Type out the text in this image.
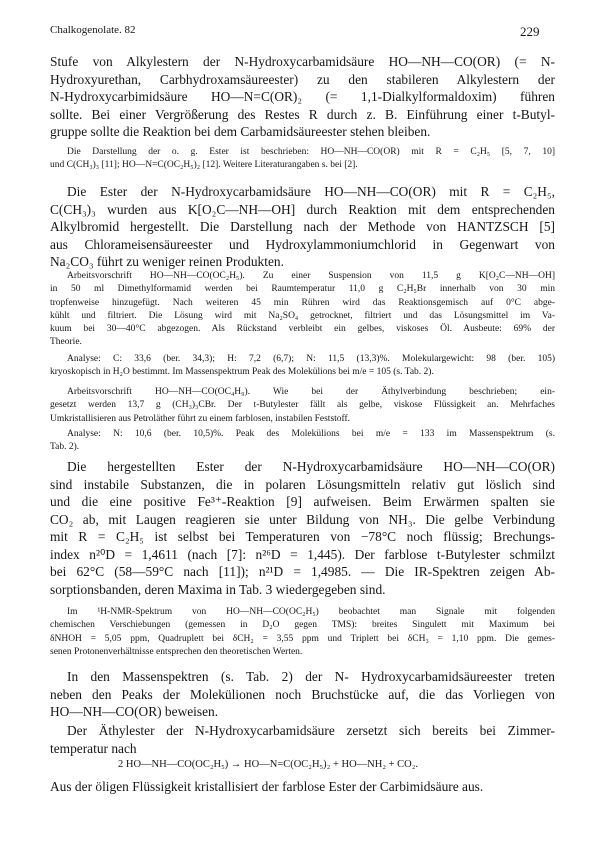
Chalkogenolate. 82	229
Stufe von Alkylestern der N-Hydroxycarbamidsäure HO—NH—CO(OR) (= N-
Hydroxyurethan, Carbhydroxamsäureester) zu den stabileren Alkylestern der
N-Hydroxycarbimidsäure HO—N=C(OR)₂ (= 1,1-Dialkylformaldoxim) führen
sollte. Bei einer Vergrößerung des Restes R durch z. B. Einführung einer t-Butyl-
gruppe sollte die Reaktion bei dem Carbamidsäureester stehen bleiben.
Die Darstellung der o. g. Ester ist beschrieben: HO—NH—CO(OR) mit R = C₂H₅ [5, 7, 10]
und C(CH₃)₃ [11]; HO—N=C(OC₂H₅)₂ [12]. Weitere Literaturangaben s. bei [2].
Die Ester der N-Hydroxycarbamidsäure HO—NH—CO(OR) mit R = C₂H₅,
C(CH₃)₃ wurden aus K[O₂C—NH—OH] durch Reaktion mit dem entsprechenden
Alkylbromid hergestellt. Die Darstellung nach der Methode von HANTZSCH [5]
aus Chlorameisensäureester und Hydroxylammoniumchlorid in Gegenwart von
Na₂CO₃ führt zu weniger reinen Produkten.
Arbeitsvorschrift HO—NH—CO(OC₂H₅). Zu einer Suspension von 11,5 g K[O₂C—NH—OH]
in 50 ml Dimethylformamid werden bei Raumtemperatur 11,0 g C₂H₅Br innerhalb von 30 min
tropfenweise hinzugefügt. Nach weiteren 45 min Rühren wird das Reaktionsgemisch auf 0°C abge-
kühlt und filtriert. Die Lösung wird mit Na₂SO₄ getrocknet, filtriert und das Lösungsmittel im Va-
kuum bei 30—40°C abgezogen. Als Rückstand verbleibt ein gelbes, viskoses Öl. Ausbeute: 69% der
Theorie.
Analyse: C: 33,6 (ber. 34,3); H: 7,2 (6,7); N: 11,5 (13,3)%. Molekulargewicht: 98 (ber. 105)
kryoskopisch in H₂O bestimmt. Im Massenspektrum Peak des Molekülions bei m/e = 105 (s. Tab. 2).
Arbeitsvorschrift HO—NH—CO(OC₄H₉). Wie bei der Äthylverbindung beschrieben; ein-
gesetzt werden 13,7 g (CH₃)₃CBr. Der t-Butylester fällt als gelbe, viskose Flüssigkeit an. Mehrfaches
Umkristallisieren aus Petroläther führt zu einem farblosen, instabilen Feststoff.
Analyse: N: 10,6 (ber. 10,5)%. Peak des Molekülions bei m/e = 133 im Massenspektrum (s.
Tab. 2).
Die hergestellten Ester der N-Hydroxycarbamidsäure HO—NH—CO(OR)
sind instabile Substanzen, die in polaren Lösungsmitteln relativ gut löslich sind
und die eine positive Fe³⁺-Reaktion [9] aufweisen. Beim Erwärmen spalten sie
CO₂ ab, mit Laugen reagieren sie unter Bildung von NH₃. Die gelbe Verbindung
mit R = C₂H₅ ist selbst bei Temperaturen von −78°C noch flüssig; Brechungs-
index n²⁰D = 1,4611 (nach [7]: n²⁶D = 1,445). Der farblose t-Butylester schmilzt
bei 62°C (58—59°C nach [11]); n²¹D = 1,4985. — Die IR-Spektren zeigen Ab-
sorptionsbanden, deren Maxima in Tab. 3 wiedergegeben sind.
Im ¹H-NMR-Spektrum von HO—NH—CO(OC₂H₅) beobachtet man Signale mit folgenden
chemischen Verschiebungen (gemessen in D₂O gegen TMS): breites Singulett mit Maximum bei
δNHOH = 5,05 ppm, Quadruplett bei δCH₂ = 3,55 ppm und Triplett bei δCH₃ = 1,10 ppm. Die gemes-
senen Protonenverhältnisse entsprechen den theoretischen Werten.
In den Massenspektren (s. Tab. 2) der N- Hydroxycarbamidsäureester treten
neben den Peaks der Molekülionen noch Bruchstücke auf, die das Vorliegen von
HO—NH—CO(OR) beweisen.
Der Äthylester der N-Hydroxycarbamidsäure zersetzt sich bereits bei Zimmer-
temperatur nach
2 HO—NH—CO(OC₂H₅) → HO—N=C(OC₂H₅)₂ + HO—NH₂ + CO₂.
Aus der öligen Flüssigkeit kristallisiert der farblose Ester der Carbimidsäure aus.
